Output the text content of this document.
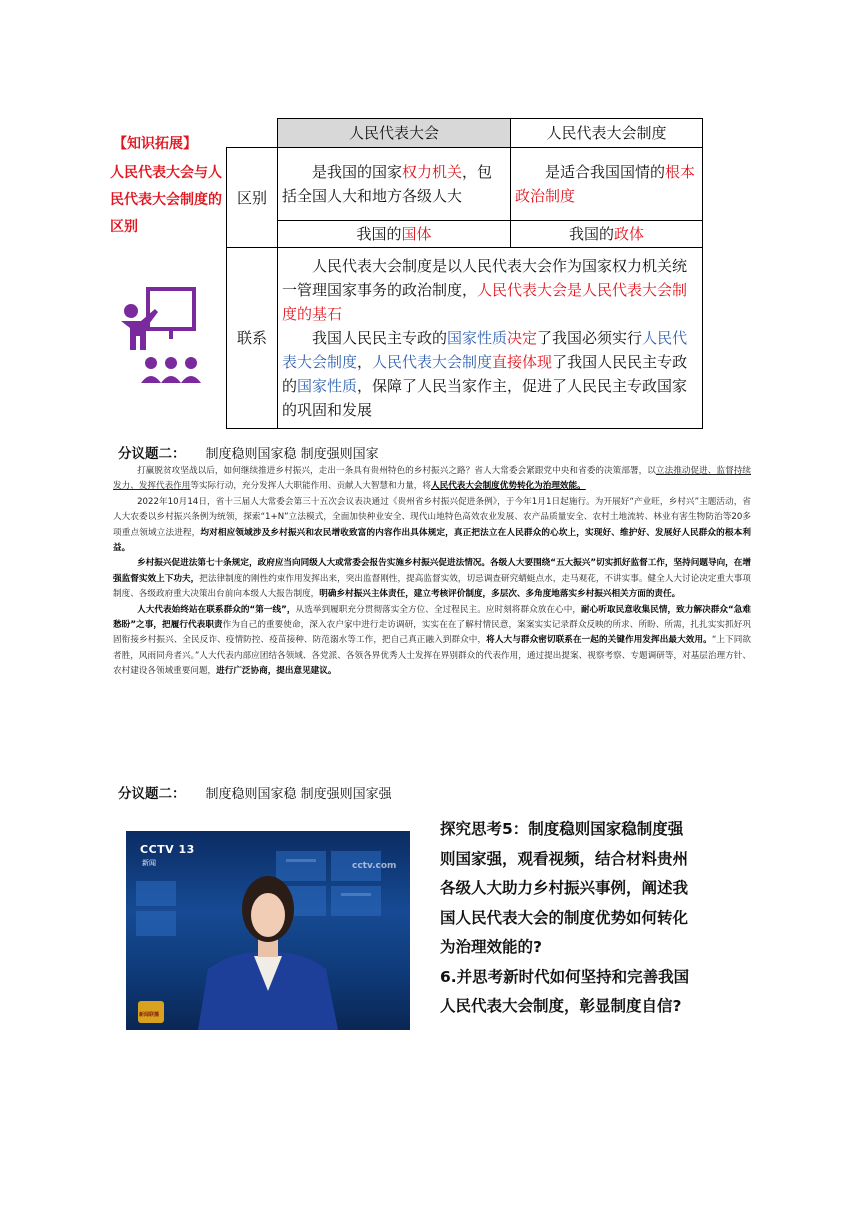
【知识拓展】
人民代表大会与人民代表大会制度的区别
	人民代表大会	人民代表大会制度
区别	是我国的国家权力机关，包括全国人大和地方各级人大	是适合我国国情的根本政治制度

	我国的国体	我国的政体
联系	人民代表大会制度是以人民代表大会作为国家权力机关统一管理国家事务的政治制度，人民代表大会是人民代表大会制度的基石
我国人民民主专政的国家性质决定了我国必须实行人民代表大会制度，人民代表大会制度直接体现了我国人民民主专政的国家性质，保障了人民当家作主，促进了人民民主专政国家的巩固和发展	
分议题二： 制度稳则国家稳 制度强则国家

打赢脱贫攻坚战以后，如何继续推进乡村振兴，走出一条具有贵州特色的乡村振兴之路？省人大常委会紧跟党中央和省委的决策部署，以立法推动促进、监督持续发力、发挥代表作用等实际行动，充分发挥人大职能作用、贡献人大智慧和力量，将人民代表大会制度优势转化为治理效能。

2022年10月14日，省十三届人大常委会第三十五次会议表决通过《贵州省乡村振兴促进条例》，于今年1月1日起施行。为开展好“产业旺，乡村兴”主题活动，省人大农委以乡村振兴条例为统领，探索“1+N”立法模式，全面加快种业安全、现代山地特色高效农业发展、农产品质量安全、农村土地流转、林业有害生物防治等20多项重点领域立法进程，均对相应领域涉及乡村振兴和农民增收致富的内容作出具体规定，真正把法立在人民群众的心坎上，实现好、维护好、发展好人民群众的根本利益。

乡村振兴促进法第七十条规定，政府应当向同级人大或常委会报告实施乡村振兴促进法情况。各级人大要围绕“五大振兴”切实抓好监督工作，坚持问题导向，在增强监督实效上下功夫，把法律制度的刚性约束作用发挥出来，突出监督刚性，提高监督实效，切忌调查研究蜻蜓点水，走马观花，不讲实事。健全人大讨论决定重大事项制度、各级政府重大决策出台前向本级人大报告制度，明确乡村振兴主体责任，建立考核评价制度，多层次、多角度地落实乡村振兴相关方面的责任。

人大代表始终站在联系群众的“第一线”，从选举到履职充分贯彻落实全方位、全过程民主。应时刻将群众放在心中，耐心听取民意收集民情，致力解决群众“急难愁盼”之事，把履行代表职责作为自己的重要使命，深入农户家中进行走访调研，实实在在了解村情民意，案案实实记录群众反映的所求、所盼、所需，扎扎实实抓好巩固衔接乡村振兴、全民反诈、疫情防控、疫苗接种、防范溺水等工作，把自己真正融入到群众中，将人大与群众密切联系在一起的关键作用发挥出最大效用。“上下同欲者胜，风雨同舟者兴。”人大代表内部应团结各领域、各党派、各领各界优秀人士发挥在界别群众的代表作用，通过提出提案、视察考察、专题调研等，对基层治理方针、农村建设各领域重要问题，进行广泛协商，提出意见建议。

分议题二： 制度稳则国家稳 制度强则国家强
CCTV 13
新闻	cctv.com
新闻联播
探究思考5：制度稳则国家稳制度强则国家强，观看视频，结合材料贵州各级人大助力乡村振兴事例，阐述我国人民代表大会的制度优势如何转化为治理效能的?
6.并思考新时代如何坚持和完善我国人民代表大会制度，彰显制度自信?
